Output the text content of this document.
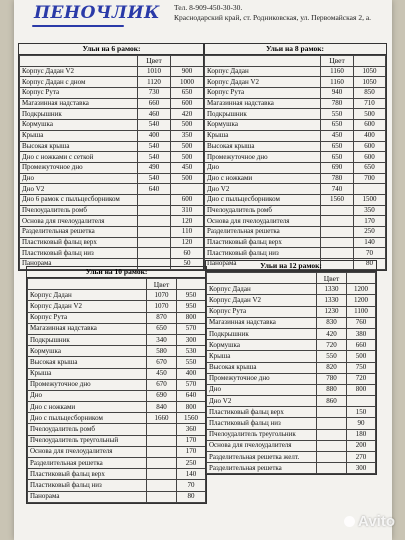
ПЕНОЧЛИК Тел. 8-909-450-30-30.
Краснодарский край, ст. Родниковская, ул. Первомайская 2, а.
Ульи на 6 рамок:
	Цвет	
Корпус Дадан V2	1010	900
Корпус Дадан с дном	1120	1000
Корпус Рута	730	650
Магазинная надставка	660	600
Подкрышник	460	420
Кормушка	540	500
Крыша	400	350
Высокая крыша	540	500
Дно с ножками с сеткой	540	500
Промежуточное дно	490	450
Дно	540	500
Дно V2	640	
Дно 6 рамок с пыльцесборником		600
Пчелоудалитель ромб		310
Основа для пчелоудалителя		120
Разделительная решетка		110
Пластиковый фальц верх		120
Пластиковый фальц низ		60
Панорама		50
Ульи на 8 рамок:
	Цвет	
Корпус Дадан	1160	1050
Корпус Дадан V2	1160	1050
Корпус Рута	940	850
Магазинная надставка	780	710
Подкрышник	550	500
Кормушка	650	600
Крыша	450	400
Высокая крыша	650	600
Промежуточное дно	650	600
Дно	690	650
Дно с ножками	780	700
Дно V2	740	
Дно с пыльцесборником	1560	1500
Пчелоудалитель ромб		350
Основа для пчелоудалителя		170
Разделительная решетка		250
Пластиковый фальц верх		140
Пластиковый фальц низ		70
Панорама		80
Ульи на 10 рамок:
	Цвет	
Корпус Дадан	1070	950
Корпус Дадан V2	1070	950
Корпус Рута	870	800
Магазинная надставка	650	570
Подкрышник	340	300
Кормушка	580	530
Высокая крыша	670	550
Крыша	450	400
Промежуточное дно	670	570
Дно	690	640
Дно с ножками	840	800
Дно с пыльцесборником	1660	1560
Пчелоудалитель ромб		360
Пчелоудалитель треугольный		170
Основа для пчелоудалителя		170
Разделительная решетка		250
Пластиковый фальц верх		140
Пластиковый фальц низ		70
Панорама		80
Ульи на 12 рамок:
	Цвет	
Корпус Дадан	1330	1200
Корпус Дадан V2	1330	1200
Корпус Рута	1230	1100
Магазинная надставка	830	760
Подкрышник	420	380
Кормушка	720	660
Крыша	550	500
Высокая крыша	820	750
Промежуточное дно	780	720
Дно	880	800
Дно V2	860	
Пластиковый фальц верх		150
Пластиковый фальц низ		90
Пчелоудалитель треугольник		180
Основа для пчелоудалителя		200
Разделительная решетка желт.		270
Разделительная решетка		300
Avito
